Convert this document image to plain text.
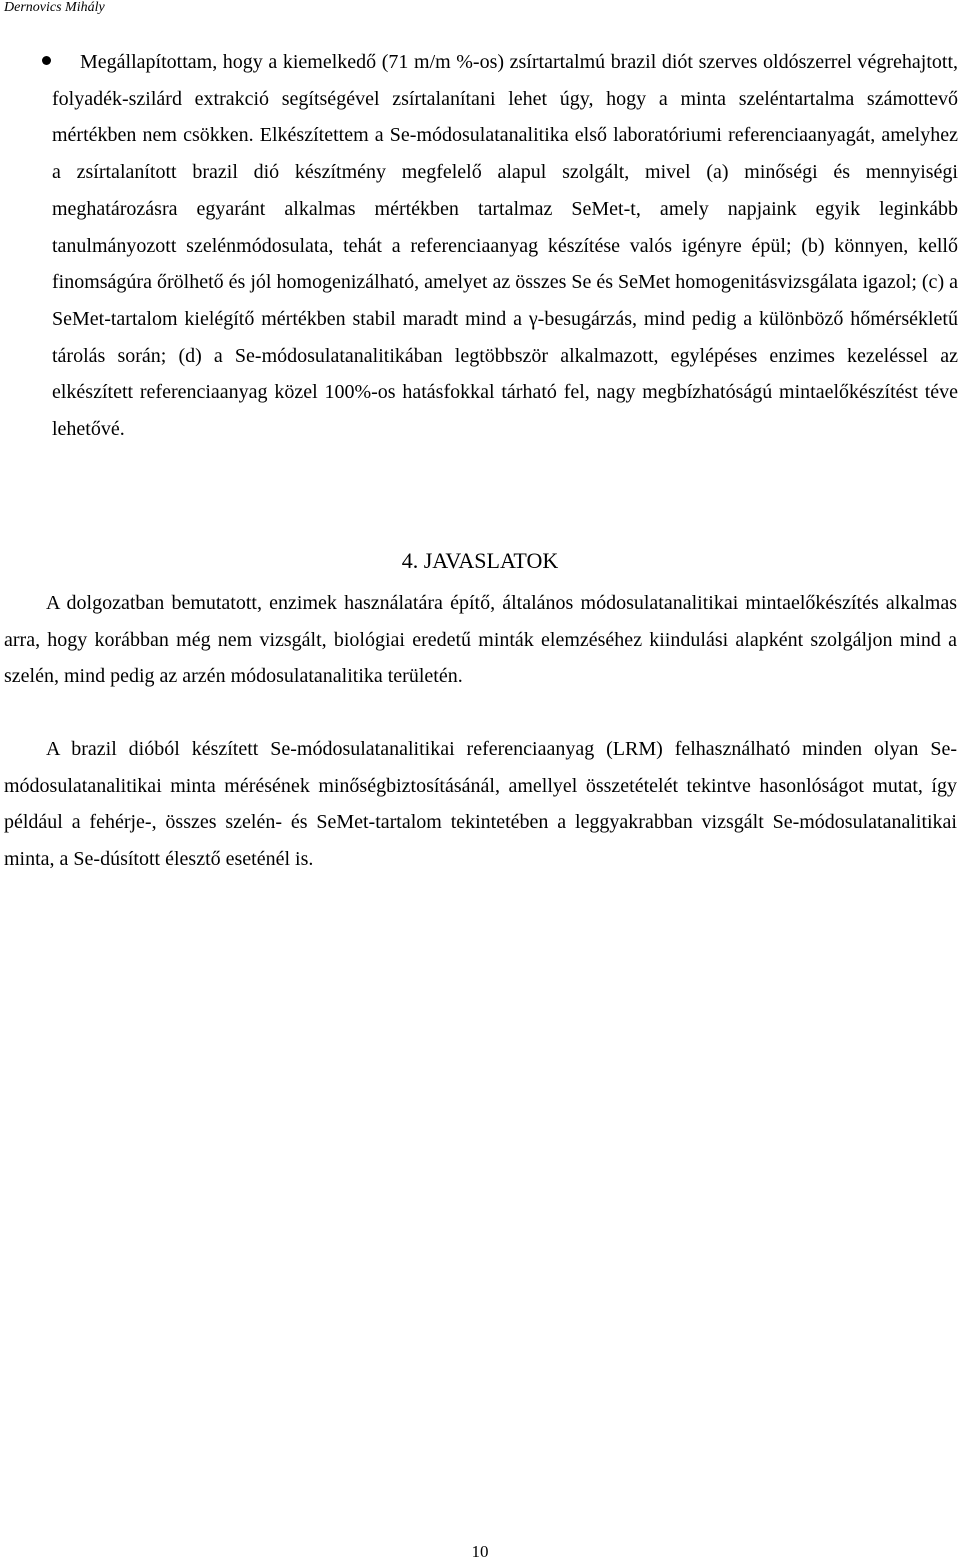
Dernovics Mihály

Megállapítottam, hogy a kiemelkedő (71 m/m %-os) zsírtartalmú brazil diót szerves oldószerrel végrehajtott, folyadék-szilárd extrakció segítségével zsírtalanítani lehet úgy, hogy a minta szeléntartalma számottevő mértékben nem csökken. Elkészítettem a Se-módosulatanalitika első laboratóriumi referenciaanyagát, amelyhez a zsírtalanított brazil dió készítmény megfelelő alapul szolgált, mivel (a) minőségi és mennyiségi meghatározásra egyaránt alkalmas mértékben tartalmaz SeMet-t, amely napjaink egyik leginkább tanulmányozott szelénmódosulata, tehát a referenciaanyag készítése valós igényre épül; (b) könnyen, kellő finomságúra őrölhető és jól homogenizálható, amelyet az összes Se és SeMet homogenitásvizsgálata igazol; (c) a SeMet-tartalom kielégítő mértékben stabil maradt mind a γ-besugárzás, mind pedig a különböző hőmérsékletű tárolás során; (d) a Se-módosulatanalitikában legtöbbször alkalmazott, egylépéses enzimes kezeléssel az elkészített referenciaanyag közel 100%-os hatásfokkal tárható fel, nagy megbízhatóságú mintaelőkészítést téve lehetővé.

4. JAVASLATOK

A dolgozatban bemutatott, enzimek használatára építő, általános módosulatanalitikai mintaelőkészítés alkalmas arra, hogy korábban még nem vizsgált, biológiai eredetű minták elemzéséhez kiindulási alapként szolgáljon mind a szelén, mind pedig az arzén módosulatanalitika területén.

A brazil dióból készített Se-módosulatanalitikai referenciaanyag (LRM) felhasználható minden olyan Se-módosulatanalitikai minta mérésének minőségbiztosításánál, amellyel összetételét tekintve hasonlóságot mutat, így például a fehérje-, összes szelén- és SeMet-tartalom tekintetében a leggyakrabban vizsgált Se-módosulatanalitikai minta, a Se-dúsított élesztő eseténél is.

10
